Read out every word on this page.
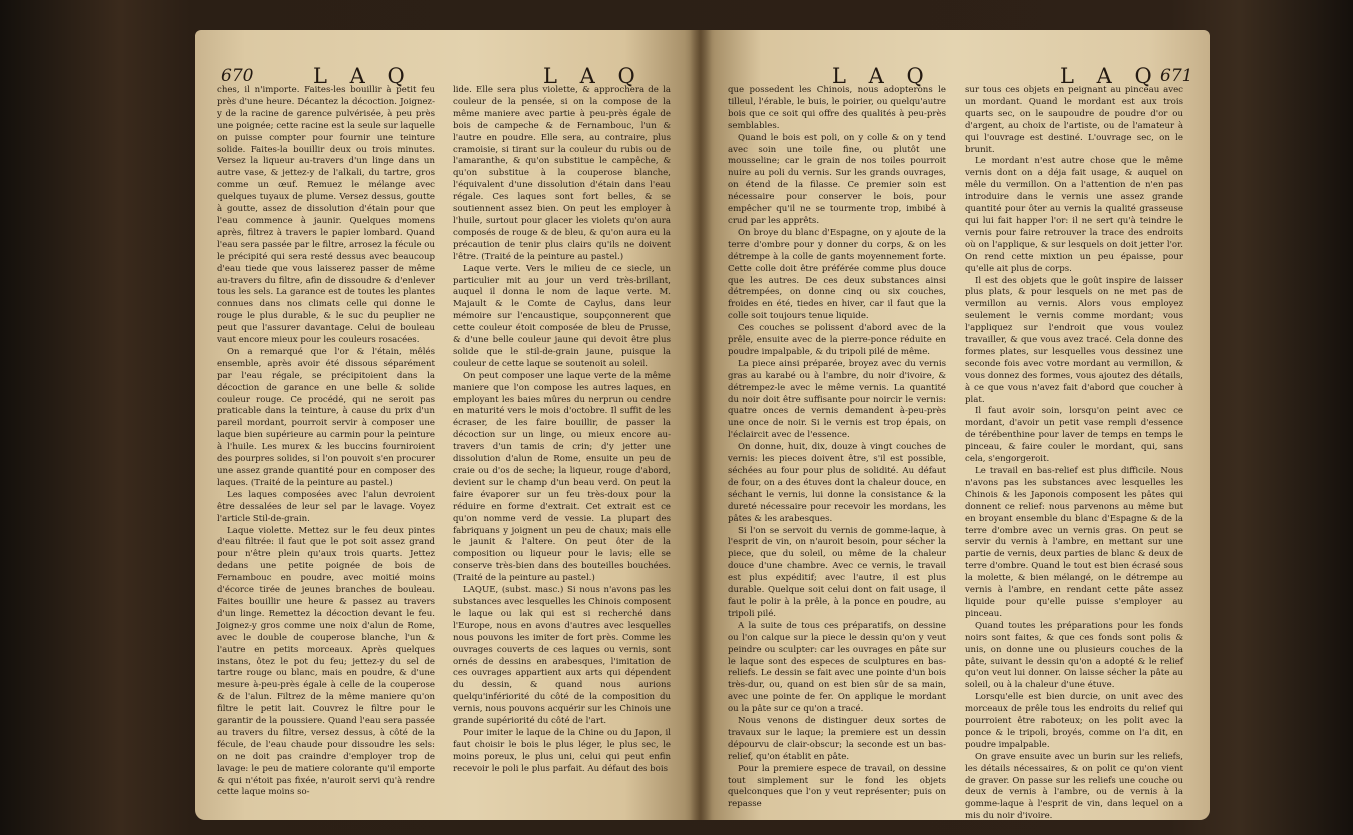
670	L A Q	L A Q

ches, il n'importe. Faites-les bouillir à petit feu près d'une heure. Décantez la décoction. Joignez-y de la racine de garence pulvérisée, à peu près une poignée; cette racine est la seule sur laquelle on puisse compter pour fournir une teinture solide. Faites-la bouillir deux ou trois minutes. Versez la liqueur au-travers d'un linge dans un autre vase, & jettez-y de l'alkali, du tartre, gros comme un œuf. Remuez le mélange avec quelques tuyaux de plume. Versez dessus, goutte à goutte, assez de dissolution d'étain pour que l'eau commence à jaunir. Quelques momens après, filtrez à travers le papier lombard. Quand l'eau sera passée par le filtre, arrosez la fécule ou le précipité qui sera resté dessus avec beaucoup d'eau tiede que vous laisserez passer de même au-travers du filtre, afin de dissoudre & d'enlever tous les sels. La garance est de toutes les plantes connues dans nos climats celle qui donne le rouge le plus durable, & le suc du peuplier ne peut que l'assurer davantage. Celui de bouleau vaut encore mieux pour les couleurs rosacées.

On a remarqué que l'or & l'étain, mêlés ensemble, après avoir été dissous séparément par l'eau régale, se précipitoient dans la décoction de garance en une belle & solide couleur rouge. Ce procédé, qui ne seroit pas praticable dans la teinture, à cause du prix d'un pareil mordant, pourroit servir à composer une laque bien supérieure au carmin pour la peinture à l'huile. Les murex & les buccins fourniroient des pourpres solides, si l'on pouvoit s'en procurer une assez grande quantité pour en composer des laques. (Traité de la peinture au pastel.)

Les laques composées avec l'alun devroient être dessalées de leur sel par le lavage. Voyez l'article Stil-de-grain.

Laque violette. Mettez sur le feu deux pintes d'eau filtrée: il faut que le pot soit assez grand pour n'être plein qu'aux trois quarts. Jettez dedans une petite poignée de bois de Fernambouc en poudre, avec moitié moins d'écorce tirée de jeunes branches de bouleau. Faites bouillir une heure & passez au travers d'un linge. Remettez la décoction devant le feu. Joignez-y gros comme une noix d'alun de Rome, avec le double de couperose blanche, l'un & l'autre en petits morceaux. Après quelques instans, ôtez le pot du feu; jettez-y du sel de tartre rouge ou blanc, mais en poudre, & d'une mesure à-peu-près égale à celle de la couperose & de l'alun. Filtrez de la même maniere qu'on filtre le petit lait. Couvrez le filtre pour le garantir de la poussiere. Quand l'eau sera passée au travers du filtre, versez dessus, à côté de la fécule, de l'eau chaude pour dissoudre les sels: on ne doit pas craindre d'employer trop de lavage: le peu de matiere colorante qu'il emporte & qui n'étoit pas fixée, n'auroit servi qu'à rendre cette laque moins so-

lide. Elle sera plus violette, & approchera de la couleur de la pensée, si on la compose de la même maniere avec partie à peu-près égale de bois de campeche & de Fernambouc, l'un & l'autre en poudre. Elle sera, au contraire, plus cramoisie, si tirant sur la couleur du rubis ou de l'amaranthe, & qu'on substitue le campêche, & qu'on substitue à la couperose blanche, l'équivalent d'une dissolution d'étain dans l'eau régale. Ces laques sont fort belles, & se soutiennent assez bien. On peut les employer à l'huile, surtout pour glacer les violets qu'on aura composés de rouge & de bleu, & qu'on aura eu la précaution de tenir plus clairs qu'ils ne doivent l'être. (Traité de la peinture au pastel.)

Laque verte. Vers le milieu de ce siecle, un particulier mit au jour un verd très-brillant, auquel il donna le nom de laque verte. M. Majault & le Comte de Caylus, dans leur mémoire sur l'encaustique, soupçonnerent que cette couleur étoit composée de bleu de Prusse, & d'une belle couleur jaune qui devoit être plus solide que le stil-de-grain jaune, puisque la couleur de cette laque se soutenoit au soleil.

On peut composer une laque verte de la même maniere que l'on compose les autres laques, en employant les baies mûres du nerprun ou cendre en maturité vers le mois d'octobre. Il suffit de les écraser, de les faire bouillir, de passer la décoction sur un linge, ou mieux encore au-travers d'un tamis de crin; d'y jetter une dissolution d'alun de Rome, ensuite un peu de craie ou d'os de seche; la liqueur, rouge d'abord, devient sur le champ d'un beau verd. On peut la faire évaporer sur un feu très-doux pour la réduire en forme d'extrait. Cet extrait est ce qu'on nomme verd de vessie. La plupart des fabriquans y joignent un peu de chaux; mais elle le jaunit & l'altere. On peut ôter de la composition ou liqueur pour le lavis; elle se conserve très-bien dans des bouteilles bouchées. (Traité de la peinture au pastel.)

LAQUE, (subst. masc.) Si nous n'avons pas les substances avec lesquelles les Chinois composent le laque ou lak qui est si recherché dans l'Europe, nous en avons d'autres avec lesquelles nous pouvons les imiter de fort près. Comme les ouvrages couverts de ces laques ou vernis, sont ornés de dessins en arabesques, l'imitation de ces ouvrages appartient aux arts qui dépendent du dessin, & quand nous aurions quelqu'infériorité du côté de la composition du vernis, nous pouvons acquérir sur les Chinois une grande supériorité du côté de l'art.

Pour imiter le laque de la Chine ou du Japon, il faut choisir le bois le plus léger, le plus sec, le moins poreux, le plus uni, celui qui peut enfin recevoir le poli le plus parfait. Au défaut des bois

L A Q	L A Q 671

que possedent les Chinois, nous adopterons le tilleul, l'érable, le buis, le poirier, ou quelqu'autre bois que ce soit qui offre des qualités à peu-près semblables.

Quand le bois est poli, on y colle & on y tend avec soin une toile fine, ou plutôt une mousseline; car le grain de nos toiles pourroit nuire au poli du vernis. Sur les grands ouvrages, on étend de la filasse. Ce premier soin est nécessaire pour conserver le bois, pour empêcher qu'il ne se tourmente trop, imbibé à crud par les apprêts.

On broye du blanc d'Espagne, on y ajoute de la terre d'ombre pour y donner du corps, & on les détrempe à la colle de gants moyennement forte. Cette colle doit être préférée comme plus douce que les autres. De ces deux substances ainsi détrempées, on donne cinq ou six couches, froides en été, tiedes en hiver, car il faut que la colle soit toujours tenue liquide.

Ces couches se polissent d'abord avec de la prêle, ensuite avec de la pierre-ponce réduite en poudre impalpable, & du tripoli pilé de même.

La piece ainsi préparée, broyez avec du vernis gras au karabé ou à l'ambre, du noir d'ivoire, & détrempez-le avec le même vernis. La quantité du noir doit être suffisante pour noircir le vernis: quatre onces de vernis demandent à-peu-près une once de noir. Si le vernis est trop épais, on l'éclaircit avec de l'essence.

On donne, huit, dix, douze à vingt couches de vernis: les pieces doivent être, s'il est possible, séchées au four pour plus de solidité. Au défaut de four, on a des étuves dont la chaleur douce, en séchant le vernis, lui donne la consistance & la dureté nécessaire pour recevoir les mordans, les pâtes & les arabesques.

Si l'on se servoit du vernis de gomme-laque, à l'esprit de vin, on n'auroit besoin, pour sécher la piece, que du soleil, ou même de la chaleur douce d'une chambre. Avec ce vernis, le travail est plus expéditif; avec l'autre, il est plus durable. Quelque soit celui dont on fait usage, il faut le polir à la prêle, à la ponce en poudre, au tripoli pilé.

A la suite de tous ces préparatifs, on dessine ou l'on calque sur la piece le dessin qu'on y veut peindre ou sculpter: car les ouvrages en pâte sur le laque sont des especes de sculptures en bas-reliefs. Le dessin se fait avec une pointe d'un bois très-dur, ou, quand on est bien sûr de sa main, avec une pointe de fer. On applique le mordant ou la pâte sur ce qu'on a tracé.

Nous venons de distinguer deux sortes de travaux sur le laque; la premiere est un dessin dépourvu de clair-obscur; la seconde est un bas-relief, qu'on établit en pâte.

Pour la premiere espece de travail, on dessine tout simplement sur le fond les objets quelconques que l'on y veut représenter; puis on repasse

sur tous ces objets en peignant au pinceau avec un mordant. Quand le mordant est aux trois quarts sec, on le saupoudre de poudre d'or ou d'argent, au choix de l'artiste, ou de l'amateur à qui l'ouvrage est destiné. L'ouvrage sec, on le brunit.

Le mordant n'est autre chose que le même vernis dont on a déja fait usage, & auquel on mêle du vermillon. On a l'attention de n'en pas introduire dans le vernis une assez grande quantité pour ôter au vernis la qualité grasseuse qui lui fait happer l'or: il ne sert qu'à teindre le vernis pour faire retrouver la trace des endroits où on l'applique, & sur lesquels on doit jetter l'or. On rend cette mixtion un peu épaisse, pour qu'elle ait plus de corps.

Il est des objets que le goût inspire de laisser plus plats, & pour lesquels on ne met pas de vermillon au vernis. Alors vous employez seulement le vernis comme mordant; vous l'appliquez sur l'endroit que vous voulez travailler, & que vous avez tracé. Cela donne des formes plates, sur lesquelles vous dessinez une seconde fois avec votre mordant au vermillon, & vous donnez des formes, vous ajoutez des détails, à ce que vous n'avez fait d'abord que coucher à plat.

Il faut avoir soin, lorsqu'on peint avec ce mordant, d'avoir un petit vase rempli d'essence de térébenthine pour laver de temps en temps le pinceau, & faire couler le mordant, qui, sans cela, s'engorgeroit.

Le travail en bas-relief est plus difficile. Nous n'avons pas les substances avec lesquelles les Chinois & les Japonois composent les pâtes qui donnent ce relief: nous parvenons au même but en broyant ensemble du blanc d'Espagne & de la terre d'ombre avec un vernis gras. On peut se servir du vernis à l'ambre, en mettant sur une partie de vernis, deux parties de blanc & deux de terre d'ombre. Quand le tout est bien écrasé sous la molette, & bien mélangé, on le détrempe au vernis à l'ambre, en rendant cette pâte assez liquide pour qu'elle puisse s'employer au pinceau.

Quand toutes les préparations pour les fonds noirs sont faites, & que ces fonds sont polis & unis, on donne une ou plusieurs couches de la pâte, suivant le dessin qu'on a adopté & le relief qu'on veut lui donner. On laisse sécher la pâte au soleil, ou à la chaleur d'une étuve.

Lorsqu'elle est bien durcie, on unit avec des morceaux de prêle tous les endroits du relief qui pourroient être raboteux; on les polit avec la ponce & le tripoli, broyés, comme on l'a dit, en poudre impalpable.

On grave ensuite avec un burin sur les reliefs, les détails nécessaires, & on polit ce qu'on vient de graver. On passe sur les reliefs une couche ou deux de vernis à l'ambre, ou de vernis à la gomme-laque à l'esprit de vin, dans lequel on a mis du noir d'ivoire.
